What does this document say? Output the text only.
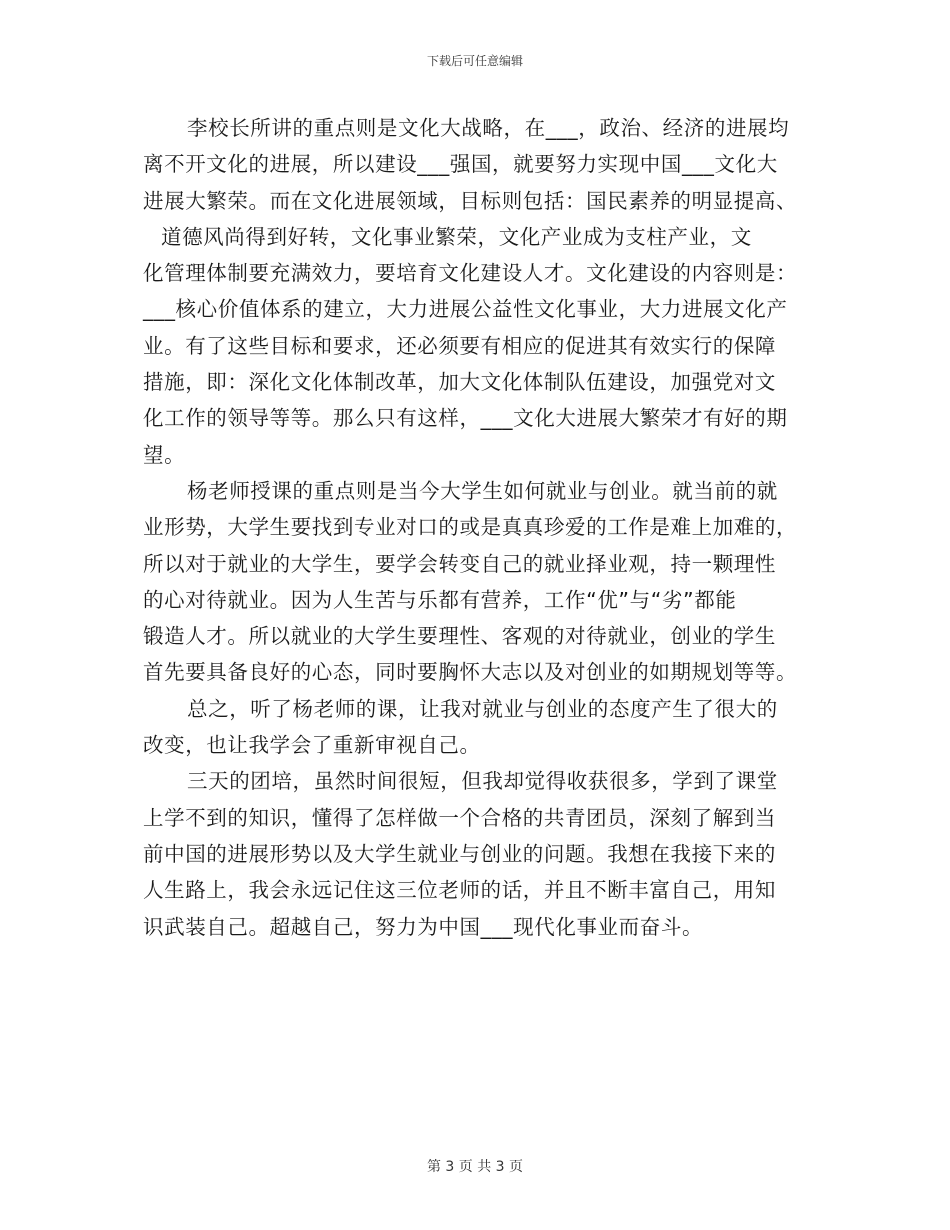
下载后可任意编辑
李校长所讲的重点则是文化大战略，在___，政治、经济的进展均
离不开文化的进展，所以建设___强国，就要努力实现中国___文化大
进展大繁荣。而在文化进展领域，目标则包括：国民素养的明显提高、
道德风尚得到好转，文化事业繁荣，文化产业成为支柱产业，文
化管理体制要充满效力，要培育文化建设人才。文化建设的内容则是：
___核心价值体系的建立，大力进展公益性文化事业，大力进展文化产
业。有了这些目标和要求，还必须要有相应的促进其有效实行的保障
措施，即：深化文化体制改革，加大文化体制队伍建设，加强党对文
化工作的领导等等。那么只有这样，___文化大进展大繁荣才有好的期
望。
杨老师授课的重点则是当今大学生如何就业与创业。就当前的就
业形势，大学生要找到专业对口的或是真真珍爱的工作是难上加难的，
所以对于就业的大学生，要学会转变自己的就业择业观，持一颗理性
的心对待就业。因为人生苦与乐都有营养，工作“优”与“劣”都能
锻造人才。所以就业的大学生要理性、客观的对待就业，创业的学生
首先要具备良好的心态，同时要胸怀大志以及对创业的如期规划等等。
总之，听了杨老师的课，让我对就业与创业的态度产生了很大的
改变，也让我学会了重新审视自己。
三天的团培，虽然时间很短，但我却觉得收获很多，学到了课堂
上学不到的知识，懂得了怎样做一个合格的共青团员，深刻了解到当
前中国的进展形势以及大学生就业与创业的问题。我想在我接下来的
人生路上，我会永远记住这三位老师的话，并且不断丰富自己，用知
识武装自己。超越自己，努力为中国___现代化事业而奋斗。
第 3 页 共 3 页
